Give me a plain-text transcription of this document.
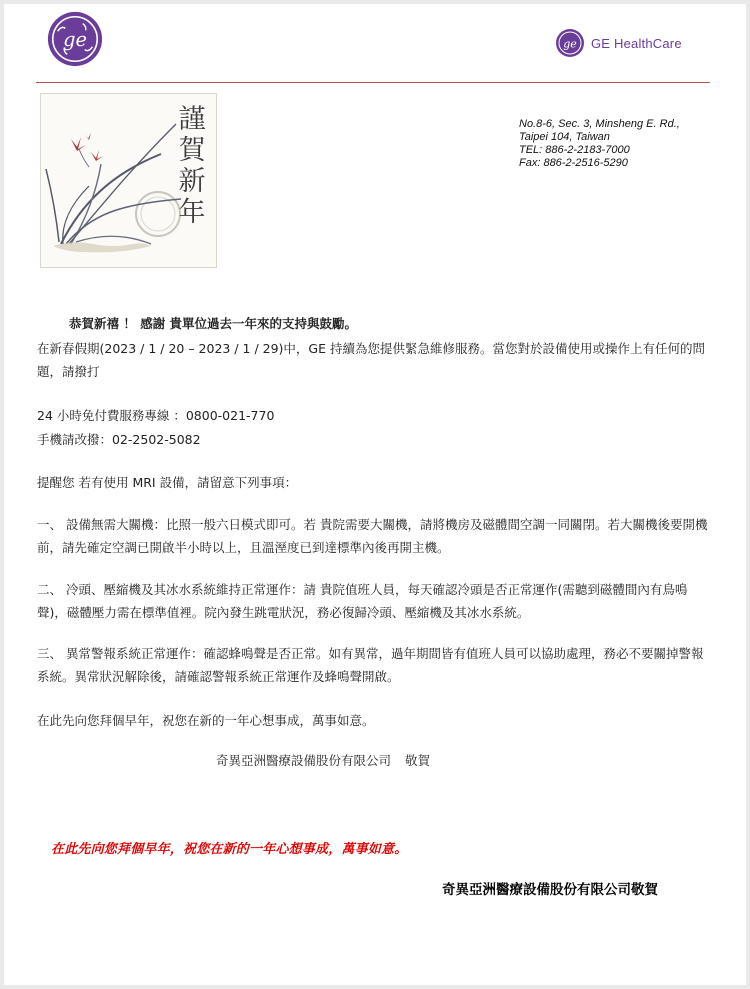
ge	ge GE HealthCare
謹
賀
新
年
No.8-6, Sec. 3, Minsheng E. Rd.,
Taipei 104, Taiwan
TEL: 886-2-2183-7000
Fax: 886-2-2516-5290
恭賀新禧 ！ 感謝 貴單位過去一年來的支持與鼓勵。
在新春假期(2023 / 1 / 20 – 2023 / 1 / 29)中，GE 持續為您提供緊急維修服務。當您對於設備使用或操作上有任何的問題，請撥打
24 小時免付費服務專線 ：0800-021-770
手機請改撥：02-2502-5082
提醒您 若有使用 MRI 設備，請留意下列事項：
一、 設備無需大關機：比照一般六日模式即可。若 貴院需要大關機，請將機房及磁體間空調一同關閉。若大關機後要開機前，請先確定空調已開啟半小時以上，且溫溼度已到達標準內後再開主機。
二、 冷頭、壓縮機及其冰水系統維持正常運作：請 貴院值班人員，每天確認冷頭是否正常運作(需聽到磁體間內有鳥鳴聲)，磁體壓力需在標準值裡。院內發生跳電狀況，務必復歸冷頭、壓縮機及其冰水系統。
三、 異常警報系統正常運作：確認蜂鳴聲是否正常。如有異常，過年期間皆有值班人員可以協助處理，務必不要關掉警報系統。異常狀況解除後，請確認警報系統正常運作及蜂鳴聲開啟。
在此先向您拜個早年，祝您在新的一年心想事成，萬事如意。
奇異亞洲醫療設備股份有限公司 敬賀
在此先向您拜個早年，祝您在新的一年心想事成，萬事如意。
奇異亞洲醫療設備股份有限公司敬賀
